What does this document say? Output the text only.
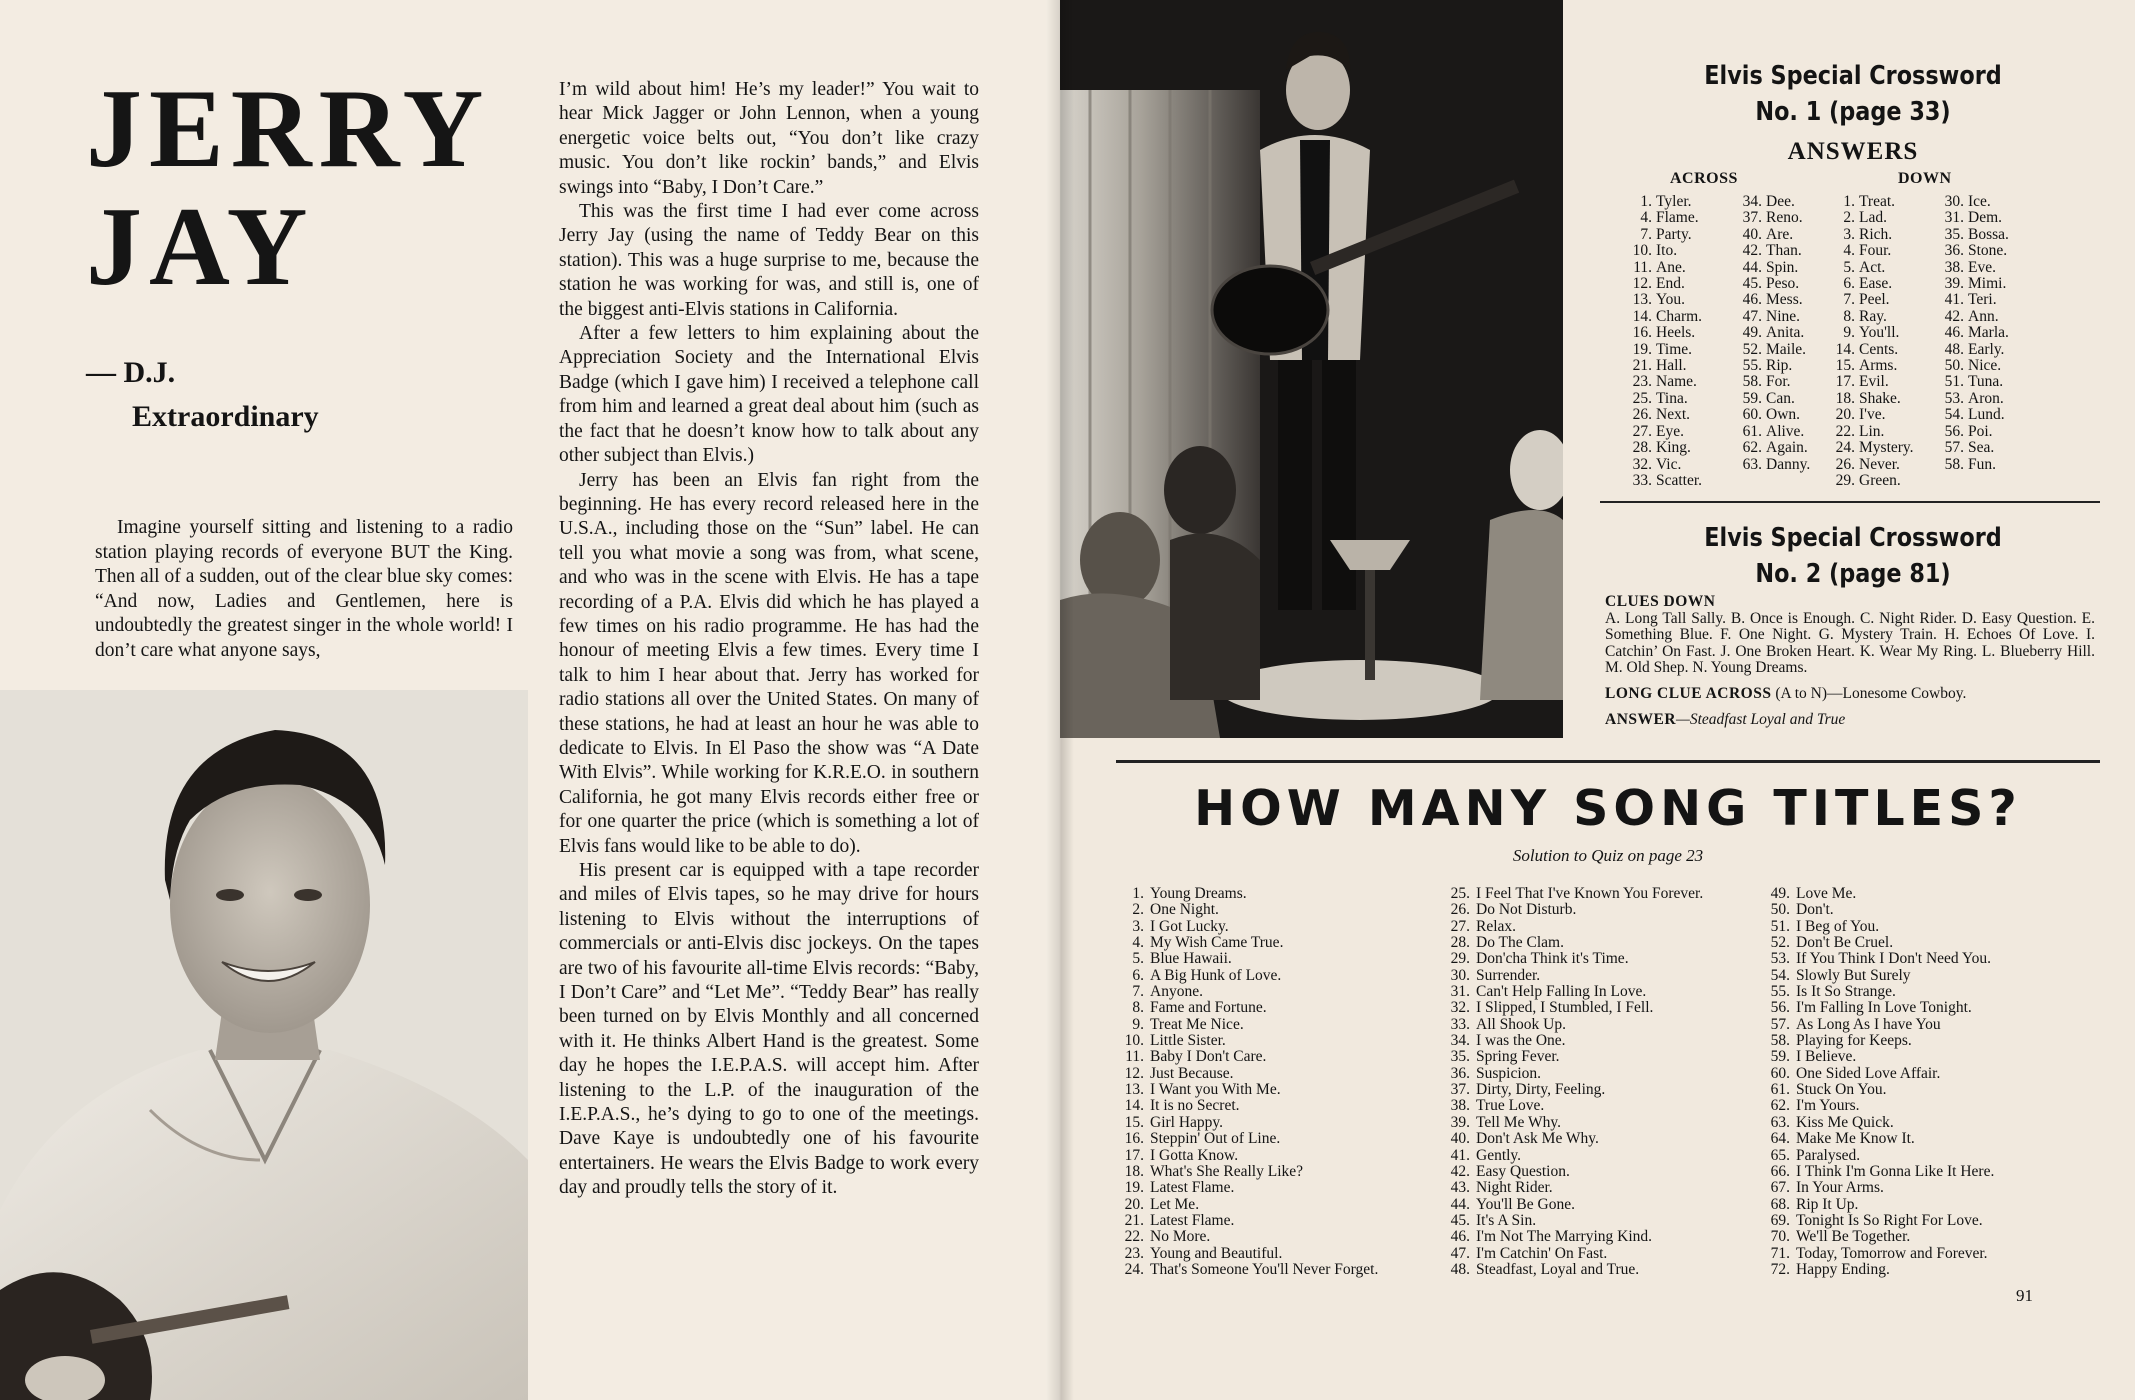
JERRY
JAY
— D.J.
Extraordinary

Imagine yourself sitting and listening to a radio station playing records of everyone BUT the King. Then all of a sudden, out of the clear blue sky comes: “And now, Ladies and Gentlemen, here is undoubtedly the greatest singer in the whole world! I don’t care what anyone says,

I’m wild about him! He’s my leader!” You wait to hear Mick Jagger or John Lennon, when a young energetic voice belts out, “You don’t like crazy music. You don’t like rockin’ bands,” and Elvis swings into “Baby, I Don’t Care.”

This was the first time I had ever come across Jerry Jay (using the name of Teddy Bear on this station). This was a huge surprise to me, because the station he was working for was, and still is, one of the biggest anti-Elvis stations in California.

After a few letters to him explaining about the Appreciation Society and the International Elvis Badge (which I gave him) I received a telephone call from him and learned a great deal about him (such as the fact that he doesn’t know how to talk about any other subject than Elvis.)

Jerry has been an Elvis fan right from the beginning. He has every record released here in the U.S.A., including those on the “Sun” label. He can tell you what movie a song was from, what scene, and who was in the scene with Elvis. He has a tape recording of a P.A. Elvis did which he has played a few times on his radio programme. He has had the honour of meeting Elvis a few times. Every time I talk to him I hear about that. Jerry has worked for radio stations all over the United States. On many of these stations, he had at least an hour he was able to dedicate to Elvis. In El Paso the show was “A Date With Elvis”. While working for K.R.E.O. in southern California, he got many Elvis records either free or for one quarter the price (which is something a lot of Elvis fans would like to be able to do).

His present car is equipped with a tape recorder and miles of Elvis tapes, so he may drive for hours listening to Elvis without the interruptions of commercials or anti-Elvis disc jockeys. On the tapes are two of his favourite all-time Elvis records: “Baby, I Don’t Care” and “Let Me”. “Teddy Bear” has really been turned on by Elvis Monthly and all concerned with it. He thinks Albert Hand is the greatest. Some day he hopes the I.E.P.A.S. will accept him. After listening to the L.P. of the inauguration of the I.E.P.A.S., he’s dying to go to one of the meetings. Dave Kaye is undoubtedly one of his favourite entertainers. He wears the Elvis Badge to work every day and proudly tells the story of it.

Elvis Special Crossword
No. 1 (page 33)
ANSWERS
ACROSS	DOWN
1. Tyler.
4. Flame.
7. Party.
10. Ito.
11. Ane.
12. End.
13. You.
14. Charm.
16. Heels.
19. Time.
21. Hall.
23. Name.
25. Tina.
26. Next.
27. Eye.
28. King.
32. Vic.
33. Scatter.
34. Dee.
37. Reno.
40. Are.
42. Than.
44. Spin.
45. Peso.
46. Mess.
47. Nine.
49. Anita.
52. Maile.
55. Rip.
58. For.
59. Can.
60. Own.
61. Alive.
62. Again.
63. Danny.
1. Treat.
2. Lad.
3. Rich.
4. Four.
5. Act.
6. Ease.
7. Peel.
8. Ray.
9. You'll.
14. Cents.
15. Arms.
17. Evil.
18. Shake.
20. I've.
22. Lin.
24. Mystery.
26. Never.
29. Green.
30. Ice.
31. Dem.
35. Bossa.
36. Stone.
38. Eve.
39. Mimi.
41. Teri.
42. Ann.
46. Marla.
48. Early.
50. Nice.
51. Tuna.
53. Aron.
54. Lund.
56. Poi.
57. Sea.
58. Fun.
Elvis Special Crossword
No. 2 (page 81)

CLUES DOWN

A. Long Tall Sally. B. Once is Enough. C. Night Rider. D. Easy Question. E. Something Blue. F. One Night. G. Mystery Train. H. Echoes Of Love. I. Catchin’ On Fast. J. One Broken Heart. K. Wear My Ring. L. Blueberry Hill. M. Old Shep. N. Young Dreams.

LONG CLUE ACROSS (A to N)—Lonesome Cowboy.

ANSWER—Steadfast Loyal and True

HOW MANY SONG TITLES?
Solution to Quiz on page 23
1. Young Dreams.
2. One Night.
3. I Got Lucky.
4. My Wish Came True.
5. Blue Hawaii.
6. A Big Hunk of Love.
7. Anyone.
8. Fame and Fortune.
9. Treat Me Nice.
10. Little Sister.
11. Baby I Don't Care.
12. Just Because.
13. I Want you With Me.
14. It is no Secret.
15. Girl Happy.
16. Steppin' Out of Line.
17. I Gotta Know.
18. What's She Really Like?
19. Latest Flame.
20. Let Me.
21. Latest Flame.
22. No More.
23. Young and Beautiful.
24. That's Someone You'll Never Forget.
25. I Feel That I've Known You Forever.
26. Do Not Disturb.
27. Relax.
28. Do The Clam.
29. Don'cha Think it's Time.
30. Surrender.
31. Can't Help Falling In Love.
32. I Slipped, I Stumbled, I Fell.
33. All Shook Up.
34. I was the One.
35. Spring Fever.
36. Suspicion.
37. Dirty, Dirty, Feeling.
38. True Love.
39. Tell Me Why.
40. Don't Ask Me Why.
41. Gently.
42. Easy Question.
43. Night Rider.
44. You'll Be Gone.
45. It's A Sin.
46. I'm Not The Marrying Kind.
47. I'm Catchin' On Fast.
48. Steadfast, Loyal and True.
49. Love Me.
50. Don't.
51. I Beg of You.
52. Don't Be Cruel.
53. If You Think I Don't Need You.
54. Slowly But Surely
55. Is It So Strange.
56. I'm Falling In Love Tonight.
57. As Long As I have You
58. Playing for Keeps.
59. I Believe.
60. One Sided Love Affair.
61. Stuck On You.
62. I'm Yours.
63. Kiss Me Quick.
64. Make Me Know It.
65. Paralysed.
66. I Think I'm Gonna Like It Here.
67. In Your Arms.
68. Rip It Up.
69. Tonight Is So Right For Love.
70. We'll Be Together.
71. Today, Tomorrow and Forever.
72. Happy Ending.
91
